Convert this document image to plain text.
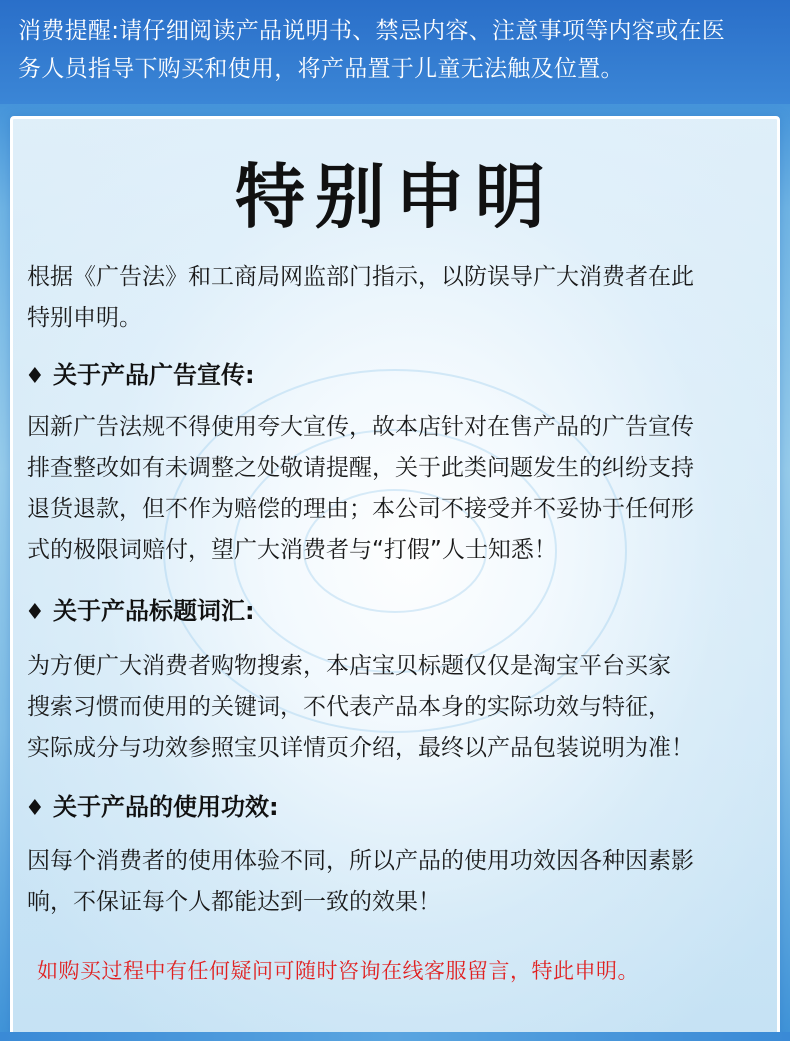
消费提醒:请仔细阅读产品说明书、禁忌内容、注意事项等内容或在医
务人员指导下购买和使用，将产品置于儿童无法触及位置。
特别申明
根据《广告法》和工商局网监部门指示，以防误导广大消费者在此
特别申明。
♦ 关于产品广告宣传:
因新广告法规不得使用夸大宣传，故本店针对在售产品的广告宣传
排查整改如有未调整之处敬请提醒，关于此类问题发生的纠纷支持
退货退款，但不作为赔偿的理由；本公司不接受并不妥协于任何形
式的极限词赔付，望广大消费者与“打假”人士知悉！
♦ 关于产品标题词汇:
为方便广大消费者购物搜索，本店宝贝标题仅仅是淘宝平台买家
搜索习惯而使用的关键词，不代表产品本身的实际功效与特征，
实际成分与功效参照宝贝详情页介绍，最终以产品包装说明为准！
♦ 关于产品的使用功效:
因每个消费者的使用体验不同，所以产品的使用功效因各种因素影
响，不保证每个人都能达到一致的效果！
如购买过程中有任何疑问可随时咨询在线客服留言，特此申明。
